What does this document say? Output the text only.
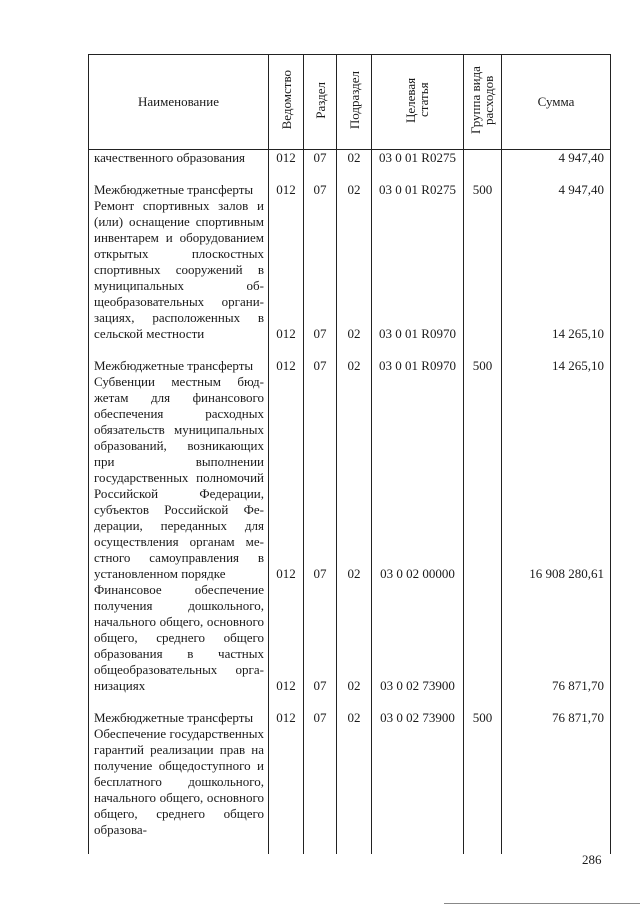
Наименование	Ведомство	Раздел	Подраздел	Целевая статья	Группа вида расходов	Сумма
качественного образования	012	07	02	03 0 01 R0275		4 947,40
Межбюджетные трансферты	012	07	02	03 0 01 R0275	500	4 947,40
Ремонт спортивных залов и (или) оснащение спортивным инвентарем и оборудованием открытых плоскостных спортивных сооружений в муниципальных общеобразовательных организациях, расположенных в сельской местности	012	07	02	03 0 01 R0970		14 265,10
Межбюджетные трансферты	012	07	02	03 0 01 R0970	500	14 265,10
Субвенции местным бюджетам для финансового обеспечения расходных обязательств муниципальных образований, возникающих при выполнении государственных полномочий Российской Федерации, субъектов Российской Федерации, переданных для осуществления органам местного самоуправления в установленном порядке	012	07	02	03 0 02 00000		16 908 280,61
Финансовое обеспечение получения дошкольного, начального общего, основного общего, среднего общего образования в частных общеобразовательных организациях	012	07	02	03 0 02 73900		76 871,70
Межбюджетные трансферты	012	07	02	03 0 02 73900	500	76 871,70
Обеспечение государственных гарантий реализации прав на получение общедоступного и бесплатного дошкольного, начального общего, основного общего, среднего общего образова-						
286
